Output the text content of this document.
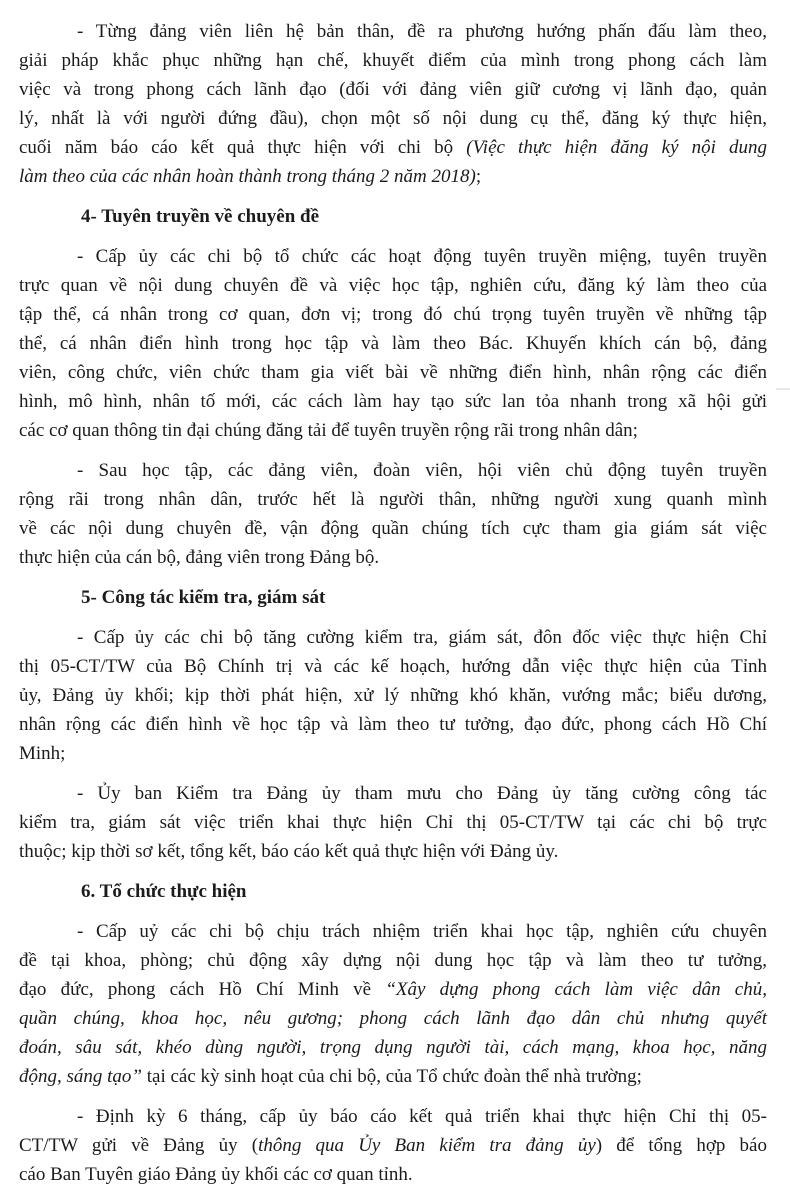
- Từng đảng viên liên hệ bản thân, đề ra phương hướng phấn đấu làm theo,
giải pháp khắc phục những hạn chế, khuyết điểm của mình trong phong cách làm
việc và trong phong cách lãnh đạo (đối với đảng viên giữ cương vị lãnh đạo, quản
lý, nhất là với người đứng đầu), chọn một số nội dung cụ thể, đăng ký thực hiện,
cuối năm báo cáo kết quả thực hiện với chi bộ (Việc thực hiện đăng ký nội dung
làm theo của các nhân hoàn thành trong tháng 2 năm 2018);
4- Tuyên truyền về chuyên đề
- Cấp ủy các chi bộ tổ chức các hoạt động tuyên truyền miệng, tuyên truyền
trực quan về nội dung chuyên đề và việc học tập, nghiên cứu, đăng ký làm theo của
tập thể, cá nhân trong cơ quan, đơn vị; trong đó chú trọng tuyên truyền về những tập
thể, cá nhân điển hình trong học tập và làm theo Bác. Khuyến khích cán bộ, đảng
viên, công chức, viên chức tham gia viết bài về những điển hình, nhân rộng các điển
hình, mô hình, nhân tố mới, các cách làm hay tạo sức lan tỏa nhanh trong xã hội gửi
các cơ quan thông tin đại chúng đăng tải để tuyên truyền rộng rãi trong nhân dân;
- Sau học tập, các đảng viên, đoàn viên, hội viên chủ động tuyên truyền
rộng rãi trong nhân dân, trước hết là người thân, những người xung quanh mình
về các nội dung chuyên đề, vận động quần chúng tích cực tham gia giám sát việc
thực hiện của cán bộ, đảng viên trong Đảng bộ.
5- Công tác kiểm tra, giám sát
- Cấp ủy các chi bộ tăng cường kiểm tra, giám sát, đôn đốc việc thực hiện Chỉ
thị 05-CT/TW của Bộ Chính trị và các kế hoạch, hướng dẫn việc thực hiện của Tỉnh
ủy, Đảng ủy khối; kịp thời phát hiện, xử lý những khó khăn, vướng mắc; biểu dương,
nhân rộng các điển hình về học tập và làm theo tư tưởng, đạo đức, phong cách Hồ Chí
Minh;
- Ủy ban Kiểm tra Đảng ủy tham mưu cho Đảng ủy tăng cường công tác
kiểm tra, giám sát việc triển khai thực hiện Chỉ thị 05-CT/TW tại các chi bộ trực
thuộc; kịp thời sơ kết, tổng kết, báo cáo kết quả thực hiện với Đảng ủy.
6. Tổ chức thực hiện
- Cấp uỷ các chi bộ chịu trách nhiệm triển khai học tập, nghiên cứu chuyên
đề tại khoa, phòng; chủ động xây dựng nội dung học tập và làm theo tư tưởng,
đạo đức, phong cách Hồ Chí Minh về “Xây dựng phong cách làm việc dân chủ,
quần chúng, khoa học, nêu gương; phong cách lãnh đạo dân chủ nhưng quyết
đoán, sâu sát, khéo dùng người, trọng dụng người tài, cách mạng, khoa học, năng
động, sáng tạo” tại các kỳ sinh hoạt của chi bộ, của Tổ chức đoàn thể nhà trường;
- Định kỳ 6 tháng, cấp ủy báo cáo kết quả triển khai thực hiện Chỉ thị 05-
CT/TW gửi về Đảng ủy (thông qua Ủy Ban kiểm tra đảng ủy) để tổng hợp báo
cáo Ban Tuyên giáo Đảng ủy khối các cơ quan tỉnh.
